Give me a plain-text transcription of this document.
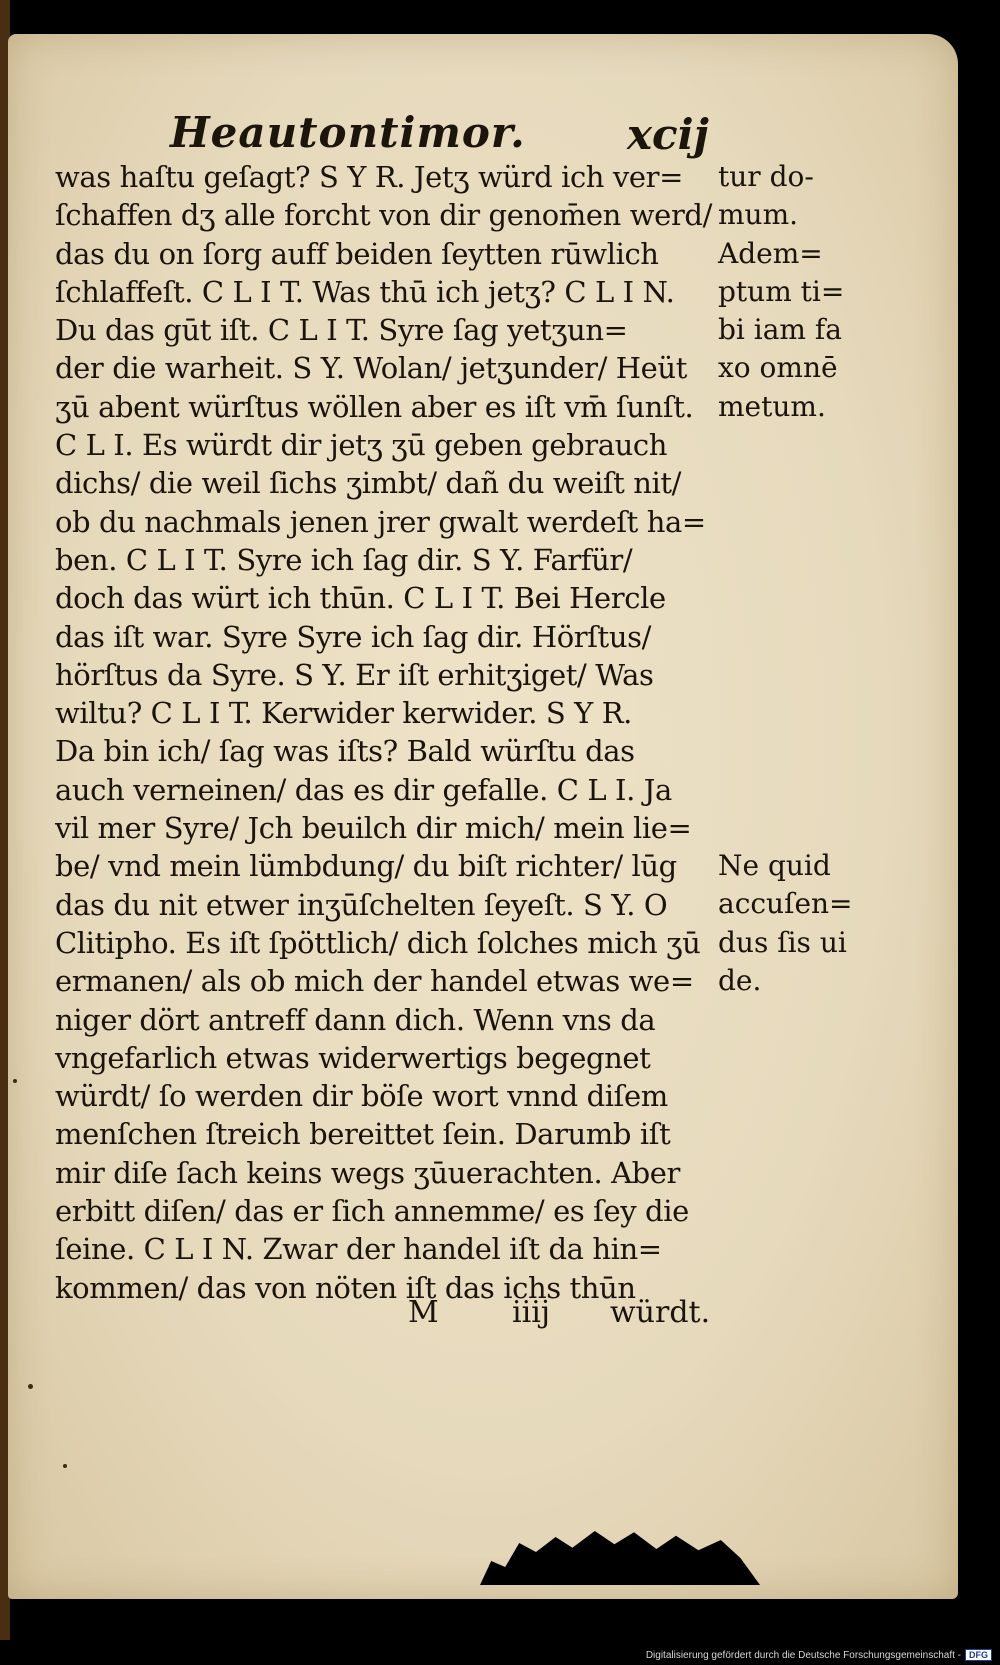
Heautontimor. xcij
was haſtu geſagt? S Y R. Jetʒ würd ich ver=
ſchaffen dʒ alle forcht von dir genom̄en werd/
das du on ſorg auff beiden ſeytten rūwlich
ſchlaffeſt. C L I T. Was thū ich jetʒ? C L I N.
Du das gūt iſt. C L I T. Syre ſag yetʒun=
der die warheit. S Y. Wolan/ jetʒunder/ Heüt
ʒū abent würſtus wöllen aber es iſt vm̄ ſunſt.
C L I. Es würdt dir jetʒ ʒū geben gebrauch
dichs/ die weil ſichs ʒimbt/ dañ du weiſt nit/
ob du nachmals jenen jrer gwalt werdeſt ha=
ben. C L I T. Syre ich ſag dir. S Y. Farfür/
doch das würt ich thūn. C L I T. Bei Hercle
das iſt war. Syre Syre ich ſag dir. Hörſtus/
hörſtus da Syre. S Y. Er iſt erhitʒiget/ Was
wiltu? C L I T. Kerwider kerwider. S Y R.
Da bin ich/ ſag was iſts? Bald würſtu das
auch verneinen/ das es dir gefalle. C L I. Ja
vil mer Syre/ Jch beuilch dir mich/ mein lie=
be/ vnd mein lümbdung/ du biſt richter/ lūg
das du nit etwer inʒūſchelten ſeyeſt. S Y. O
Clitipho. Es iſt ſpöttlich/ dich ſolches mich ʒū
ermanen/ als ob mich der handel etwas we=
niger dört antreff dann dich. Wenn vns da
vngefarlich etwas widerwertigs begegnet
würdt/ ſo werden dir böſe wort vnnd diſem
menſchen ſtreich bereittet ſein. Darumb iſt
mir diſe ſach keins wegs ʒūuerachten. Aber
erbitt diſen/ das er ſich annemme/ es ſey die
ſeine. C L I N. Zwar der handel iſt da hin=
kommen/ das von nöten iſt das ichs thūn
tur do-
mum.
Adem=
ptum ti=
bi iam fa
xo omnē
metum.
Ne quid
accuſen=
dus ſis ui
de.
M iiij würdt.
Digitalisierung gefördert durch die Deutsche Forschungsgemeinschaft - DFG
